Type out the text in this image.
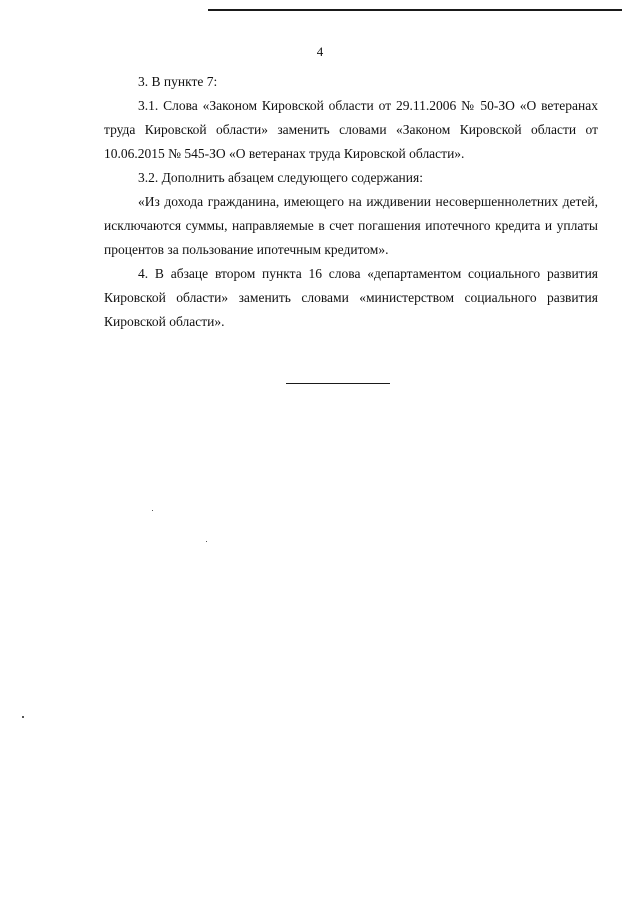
4

3. В пункте 7:

3.1. Слова «Законом Кировской области от 29.11.2006 № 50-ЗО «О ветеранах труда Кировской области» заменить словами «Законом Кировской области от 10.06.2015 № 545-ЗО «О ветеранах труда Кировской области».

3.2. Дополнить абзацем следующего содержания:

«Из дохода гражданина, имеющего на иждивении несовершеннолетних детей, исключаются суммы, направляемые в счет погашения ипотечного кредита и уплаты процентов за пользование ипотечным кредитом».

4. В абзаце втором пункта 16 слова «департаментом социального развития Кировской области» заменить словами «министерством социального развития Кировской области».
